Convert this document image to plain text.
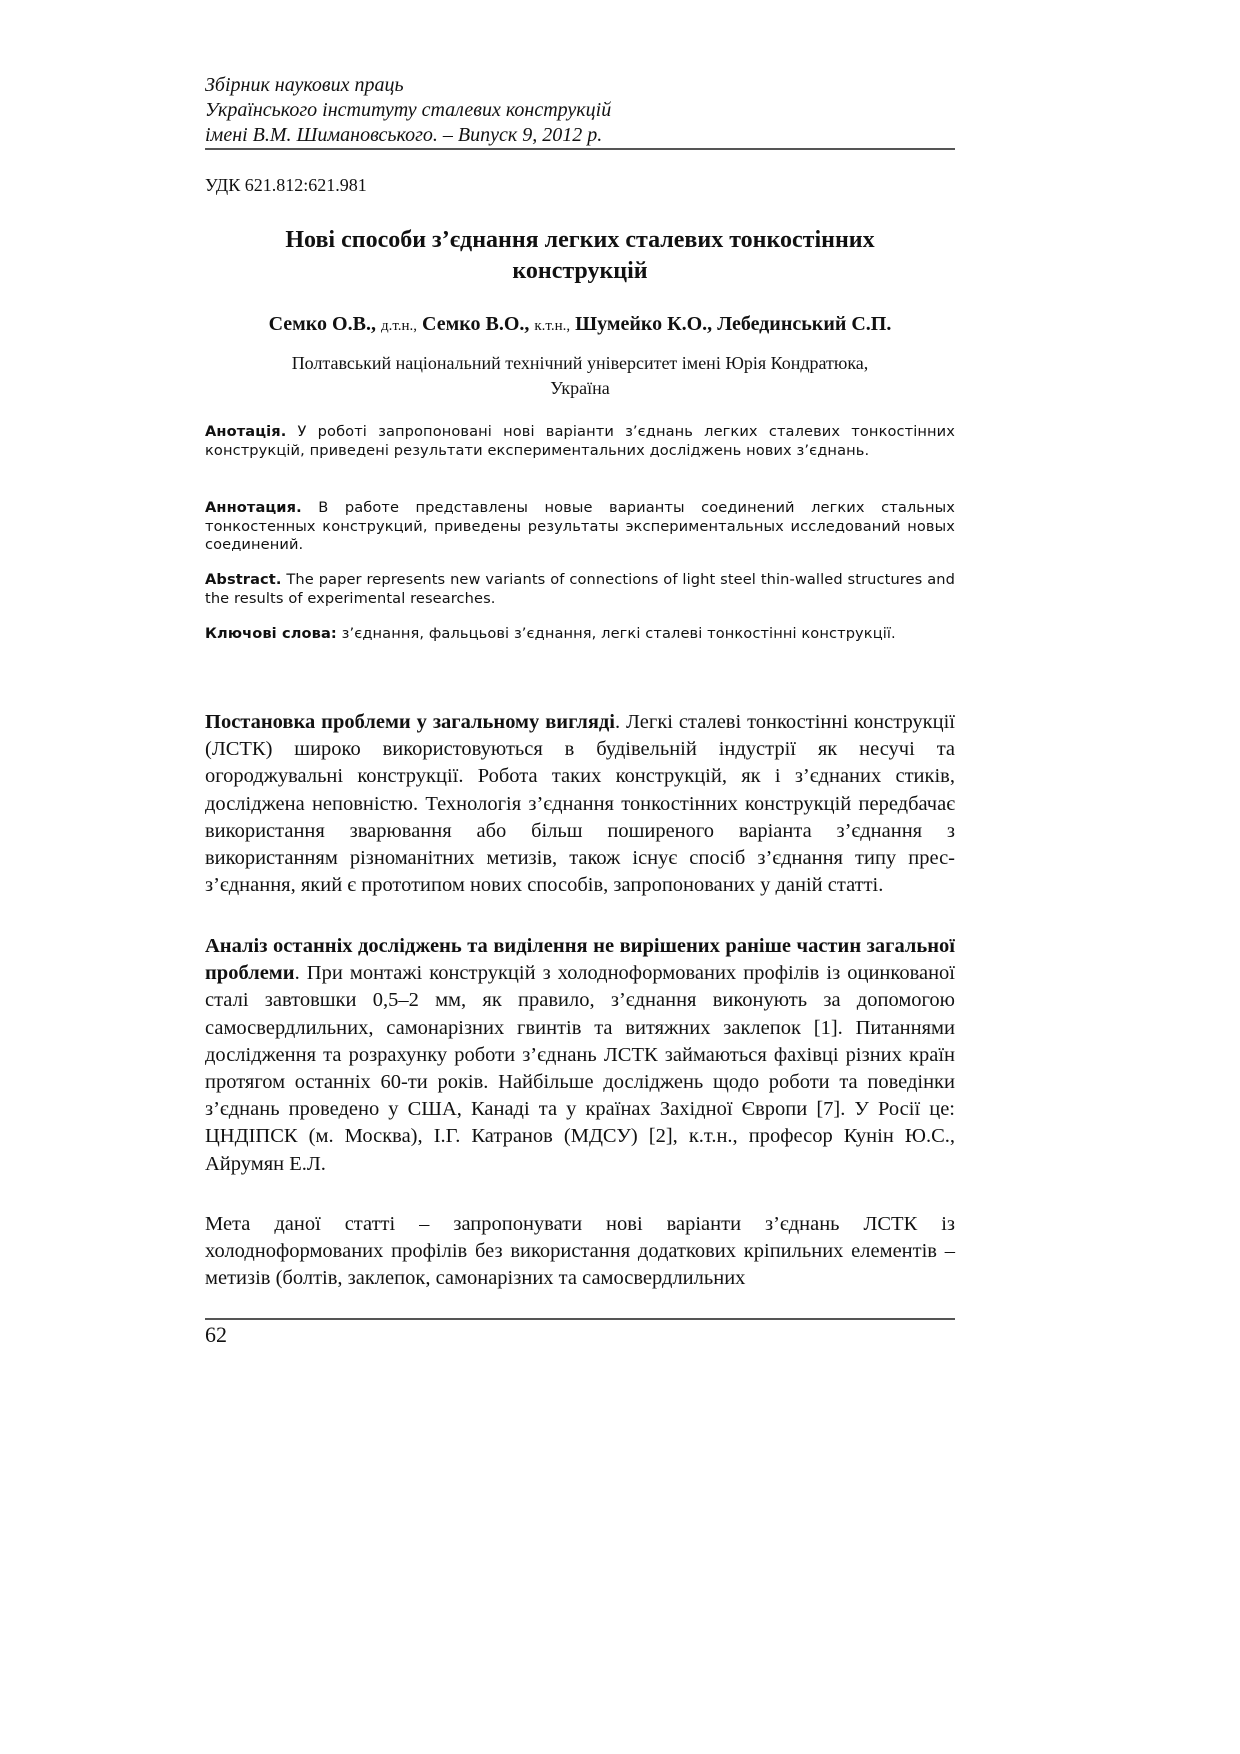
Збірник наукових праць
Українського інституту сталевих конструкцій
імені В.М. Шимановського. – Випуск 9, 2012 р.
УДК 621.812:621.981
Нові способи з’єднання легких сталевих тонкостінних
конструкцій
Семко О.В., д.т.н., Семко В.О., к.т.н., Шумейко К.О., Лебединський С.П.
Полтавський національний технічний університет імені Юрія Кондратюка,
Україна
Анотація. У роботі запропоновані нові варіанти з’єднань легких сталевих тонкостінних конструкцій, приведені результати експериментальних досліджень нових з’єднань.
Аннотация. В работе представлены новые варианты соединений легких стальных тонкостенных конструкций, приведены результаты экспериментальных исследований новых соединений.
Abstract. The paper represents new variants of connections of light steel thin-walled structures and the results of experimental researches.
Ключові слова: з’єднання, фальцьові з’єднання, легкі сталеві тонкостінні конструкції.
Постановка проблеми у загальному вигляді. Легкі сталеві тонкостінні конструкції (ЛСТК) широко використовуються в будівельній індустрії як несучі та огороджувальні конструкції. Робота таких конструкцій, як і з’єднаних стиків, досліджена неповністю. Технологія з’єднання тонкостінних конструкцій передбачає використання зварювання або більш поширеного варіанта з’єднання з використанням різноманітних метизів, також існує спосіб з’єднання типу прес-з’єднання, який є прототипом нових способів, запропонованих у даній статті.
Аналіз останніх досліджень та виділення не вирішених раніше частин загальної проблеми. При монтажі конструкцій з холодноформованих профілів із оцинкованої сталі завтовшки 0,5–2 мм, як правило, з’єднання виконують за допомогою самосвердлильних, самонарізних гвинтів та витяжних заклепок [1]. Питаннями дослідження та розрахунку роботи з’єднань ЛСТК займаються фахівці різних країн протягом останніх 60-ти років. Найбільше досліджень щодо роботи та поведінки з’єднань проведено у США, Канаді та у країнах Західної Європи [7]. У Росії це: ЦНДІПСК (м. Москва), І.Г. Катранов (МДСУ) [2], к.т.н., професор Кунін Ю.С., Айрумян Е.Л.
Мета даної статті – запропонувати нові варіанти з’єднань ЛСТК із холодноформованих профілів без використання додаткових кріпильних елементів – метизів (болтів, заклепок, самонарізних та самосвердлильних
62
